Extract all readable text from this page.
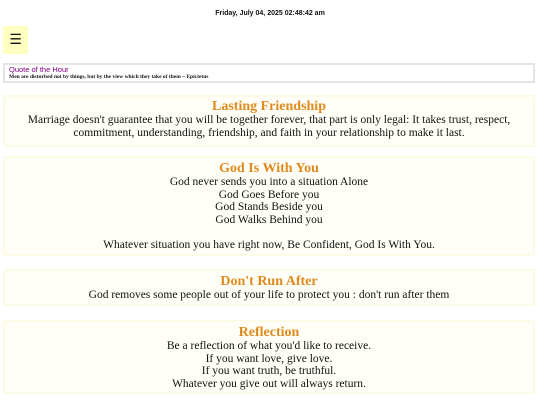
Friday, July 04, 2025 02:48:42 am
☰
Quote of the Hour
Men are disturbed not by things, but by the view which they take of them ~ Epictetus
Lasting Friendship
Marriage doesn't guarantee that you will be together forever, that part is only legal: It takes trust, respect,
commitment, understanding, friendship, and faith in your relationship to make it last.
God Is With You
God never sends you into a situation Alone
God Goes Before you
God Stands Beside you
God Walks Behind you
Whatever situation you have right now, Be Confident, God Is With You.
Don't Run After
God removes some people out of your life to protect you : don't run after them
Reflection
Be a reflection of what you'd like to receive.
If you want love, give love.
If you want truth, be truthful.
Whatever you give out will always return.
